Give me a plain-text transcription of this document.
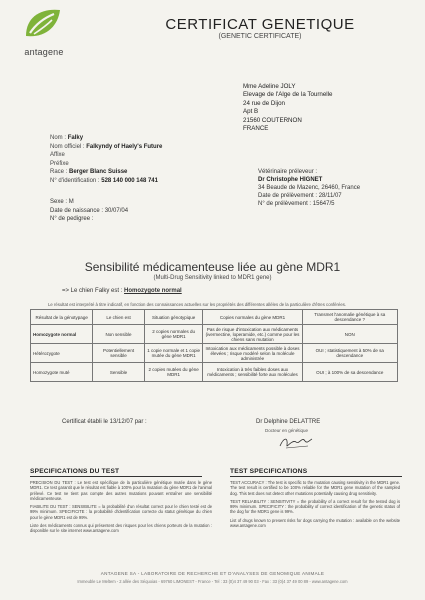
antagene
CERTIFICAT GENETIQUE
(GENETIC CERTIFICATE)
Mme Adeline JOLY
Elevage de l'Alge de la Tournelle
24 rue de Dijon
Apt B
21560 COUTERNON
FRANCE
Nom : Falky
Nom officiel : Falkyndy of Haely's Future
Affixe
Préfixe
Race : Berger Blanc Suisse
N° d'identification : 528 140 000 148 741
Sexe : M
Date de naissance : 30/07/04
N° de pedigree :
Vétérinaire préleveur :
Dr Christophe HIGNET
34 Beaude de Mazenc, 26460, France
Date de prélèvement : 28/11/07
N° de prélèvement : 15647/5
Sensibilité médicamenteuse liée au gène MDR1
(Multi-Drug Sensitivity linked to MDR1 gene)
=> Le chien Falky est : Homozygote normal
Le résultat est interprété à titre indicatif, en fonction des connaissances actuelles sur les propriétés des différentes allèles de la particulière d'êtres conférées.
Résultat de la génotypage	Le chien est	Situation génotypique	Copies normales du gène MDR1	Transmet l'anomalie génétique à sa descendance ?
Homozygote normal	Non sensible	2 copies normales du gène MDR1	Pas de risque d'intoxication aux médicaments (ivermectine, loperamide, etc.) comme pour les chiens sans mutation	NON
Hétérozygote	Potentiellement sensible	1 copie normale et 1 copie mutée du gène MDR1	Intoxication aux médicaments possible à doses élevées ; risque modéré selon la molécule administrée	OUI ; statistiquement à 50% de sa descendance
Homozygote muté	Sensible	2 copies mutées du gène MDR1	Intoxication à très faibles doses aux médicaments ; sensibilité forte aux molécules	OUI ; à 100% de sa descendance
Certificat établi le 13/12/07 par :	Dr Delphine DELATTRE
Docteur en génétique
SPECIFICATIONS DU TEST

PRECISION DU TEST : Le test est spécifique de la particulière génétique mutée dans le gène MDR1. Ce test garantit que le résultat est fiable à 100% pour la mutation du gène MDR1 de l'animal prélevé. Ce test ne tient pas compte des autres mutations pouvant entraîner une sensibilité médicamenteuse.

FIABILITE DU TEST : SENSIBILITE = la probabilité d'un résultat correct pour le chien testé est de 99% minimum. SPECIFICITE : la probabilité d'identification correcte du statut génétique du chien pour le gène MDR1 est de 99%.

Liste des médicaments connus qui présentent des risques pour les chiens porteurs de la mutation : disponible sur le site internet www.antagene.com

TEST SPECIFICATIONS

TEST ACCURACY : The test is specific to the mutation causing sensitivity in the MDR1 gene. The test result is certified to be 100% reliable for the MDR1 gene mutation of the sampled dog. This test does not detect other mutations potentially causing drug sensitivity.

TEST RELIABILITY : SENSITIVITY = the probability of a correct result for the tested dog is 99% minimum. SPECIFICITY : the probability of correct identification of the genetic status of the dog for the MDR1 gene is 99%.

List of drugs known to present risks for dogs carrying the mutation : available on the website www.antagene.com

ANTAGENE SA - LABORATOIRE DE RECHERCHE ET D'ANALYSES DE GENOMIQUE ANIMALE
Immeuble Le Meltem - 2 allée des Séquoias - 69760 LIMONEST - France - Tel : 33 (0)4 37 49 90 03 - Fax : 33 (0)4 37 49 00 89 - www.antagene.com
